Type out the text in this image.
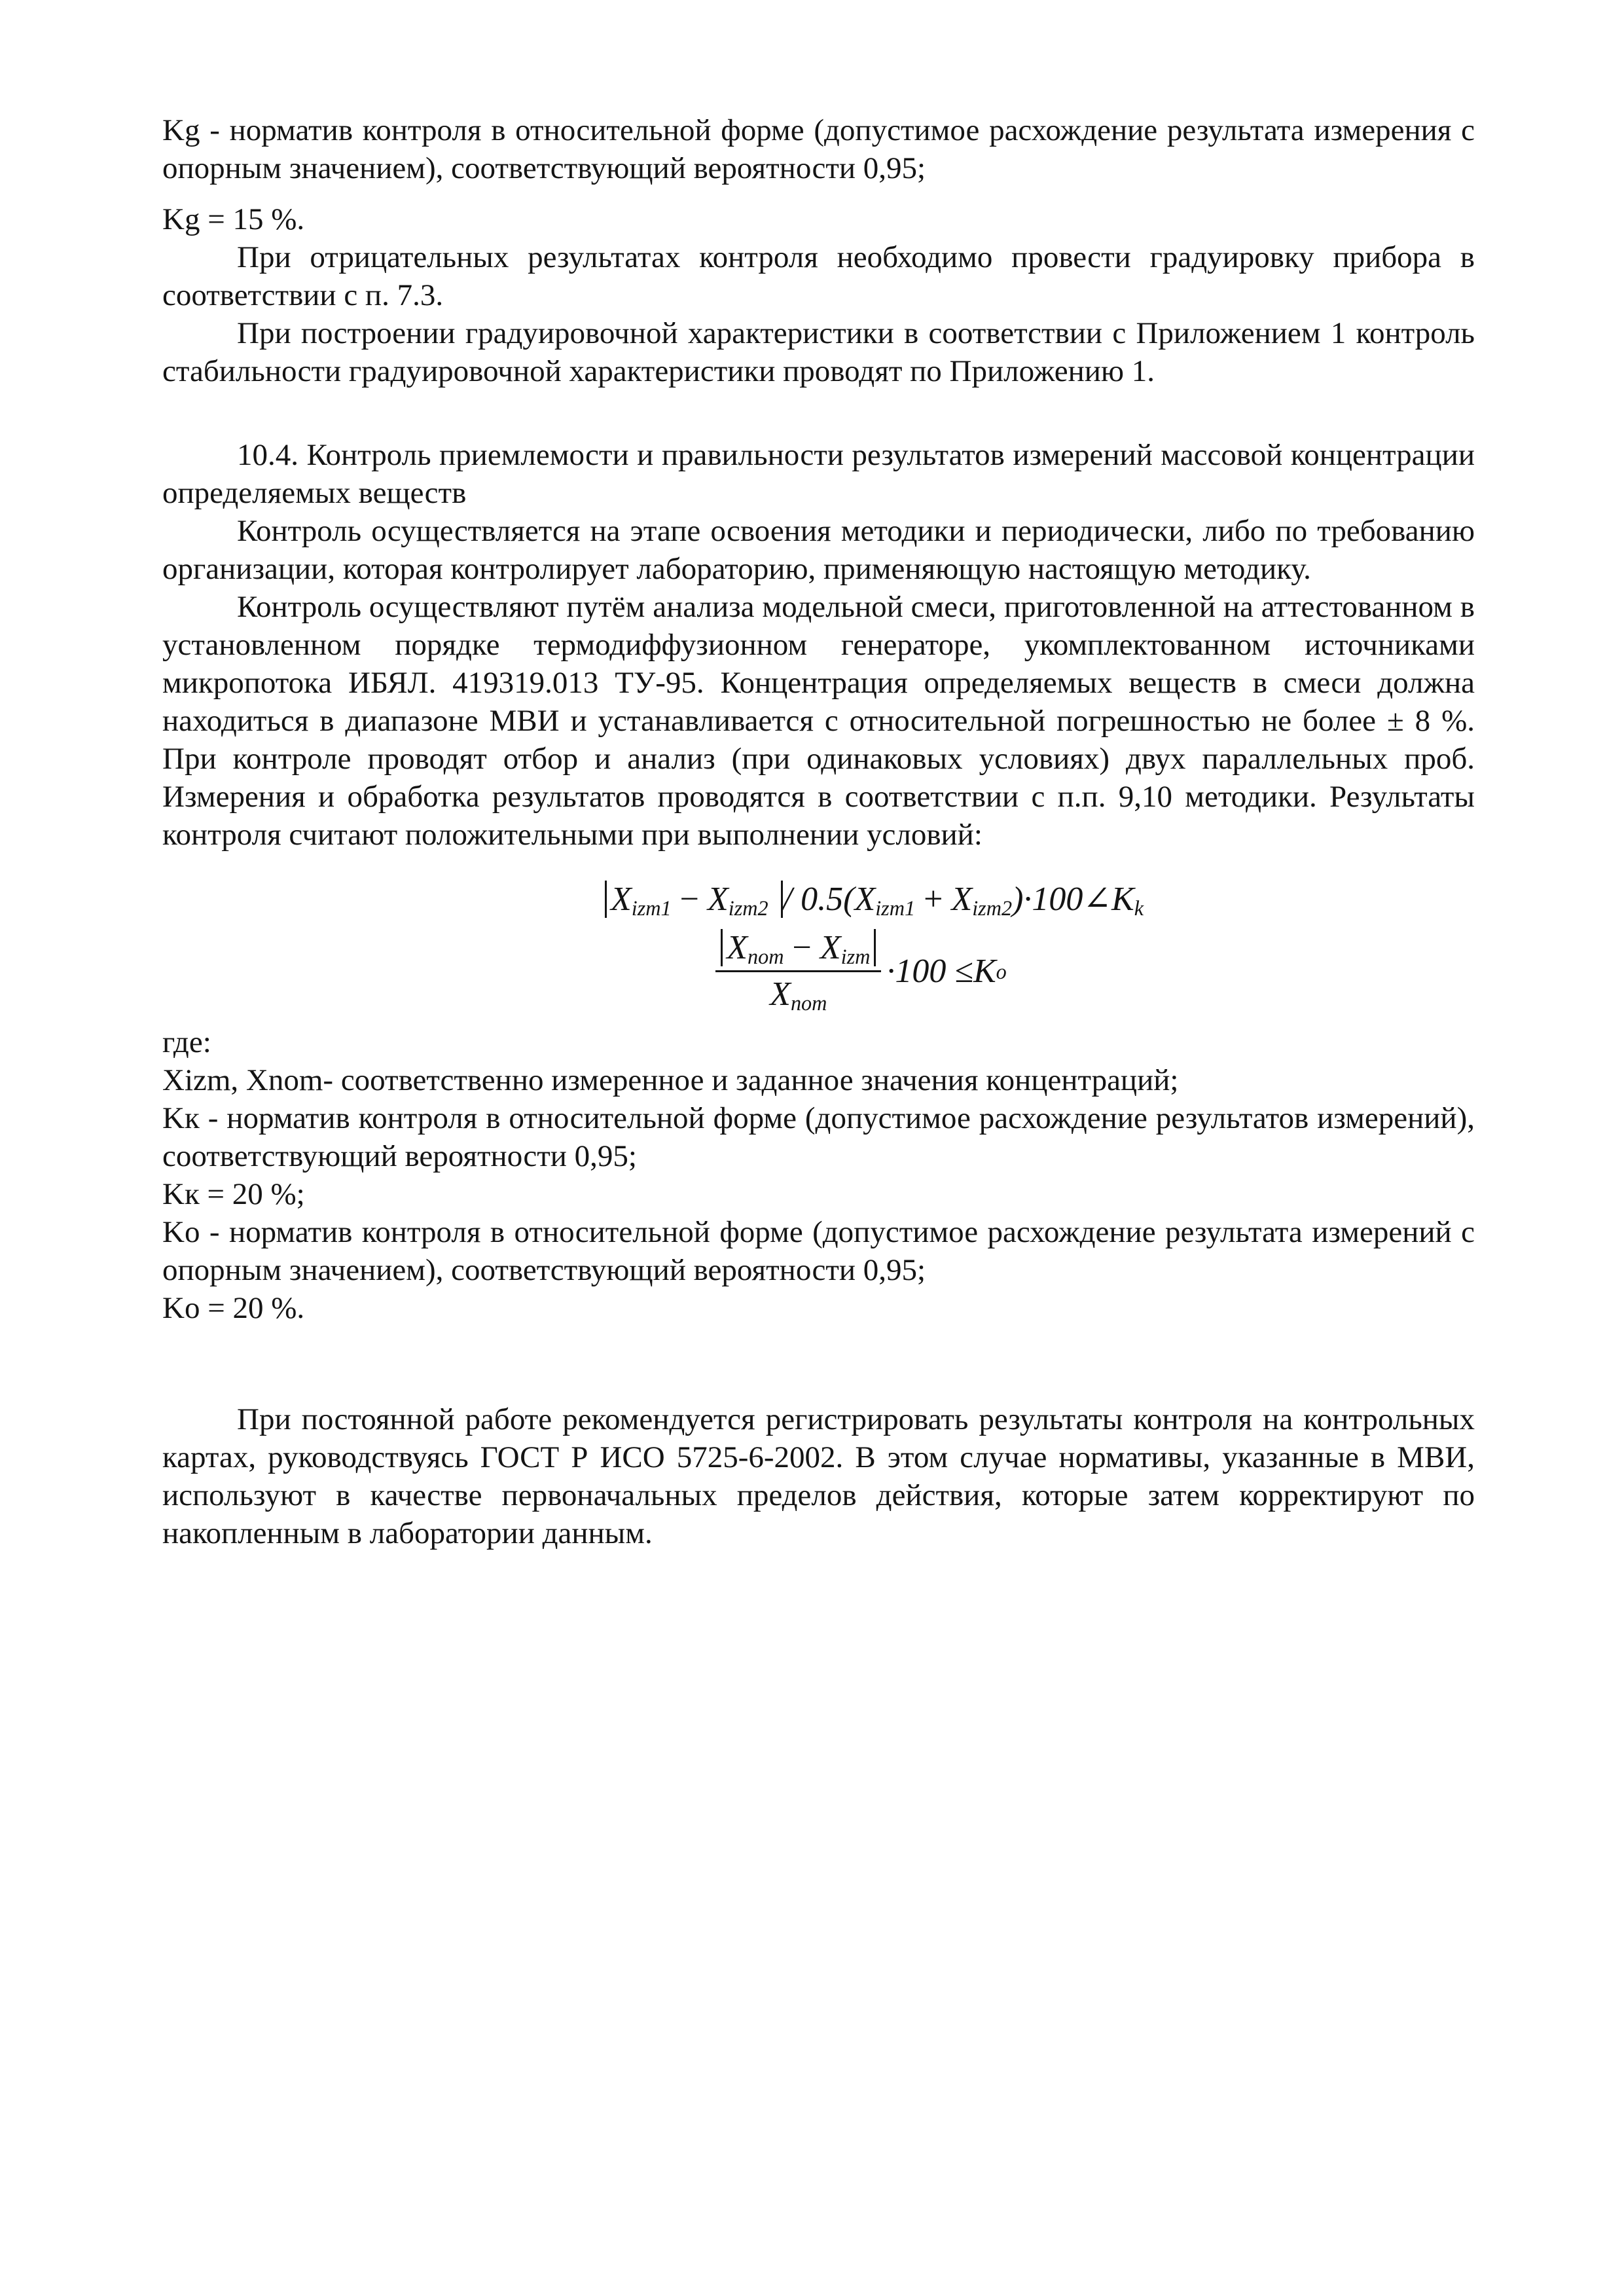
Kg - норматив контроля в относительной форме (допустимое расхождение результата измерения с опорным значением), соответствующий вероятности 0,95;

Kg = 15 %.

При отрицательных результатах контроля необходимо провести градуировку прибора в соответствии с п. 7.3.

При построении градуировочной характеристики в соответствии с Приложением 1 контроль стабильности градуировочной характеристики проводят по Приложению 1.

10.4. Контроль приемлемости и правильности результатов измерений массовой концентрации определяемых веществ

Контроль осуществляется на этапе освоения методики и периодически, либо по требованию организации, которая контролирует лабораторию, применяющую настоящую методику.

Контроль осуществляют путём анализа модельной смеси, приготовленной на аттестованном в установленном порядке термодиффузионном генераторе, укомплектованном источниками микропотока ИБЯЛ. 419319.013 ТУ-95. Концентрация определяемых веществ в смеси должна находиться в диапазоне МВИ и устанавливается с относительной погрешностью не более ± 8 %. При контроле проводят отбор и анализ (при одинаковых условиях) двух параллельных проб. Измерения и обработка результатов проводятся в соответствии с п.п. 9,10 методики. Результаты контроля считают положительными при выполнении условий:

$X_{izm1} - X_{izm2} / 0.5(X_{izm1}$ + $X_{izm2})\cdot 100\angle K_k$
$\frac{X_{nom} - X_{izm}}{X_{nom}} \cdot 100 \le K$ o

где:

Xizm, Xnom- соответственно измеренное и заданное значения концентраций;

Kк - норматив контроля в относительной форме (допустимое расхождение результатов измерений), соответствующий вероятности 0,95;

Kк = 20 %;

Ko - норматив контроля в относительной форме (допустимое расхождение результата измерений с опорным значением), соответствующий вероятности 0,95;

Ko = 20 %.

При постоянной работе рекомендуется регистрировать результаты контроля на контрольных картах, руководствуясь ГОСТ Р ИСО 5725-6-2002. В этом случае нормативы, указанные в МВИ, используют в качестве первоначальных пределов действия, которые затем корректируют по накопленным в лаборатории данным.
